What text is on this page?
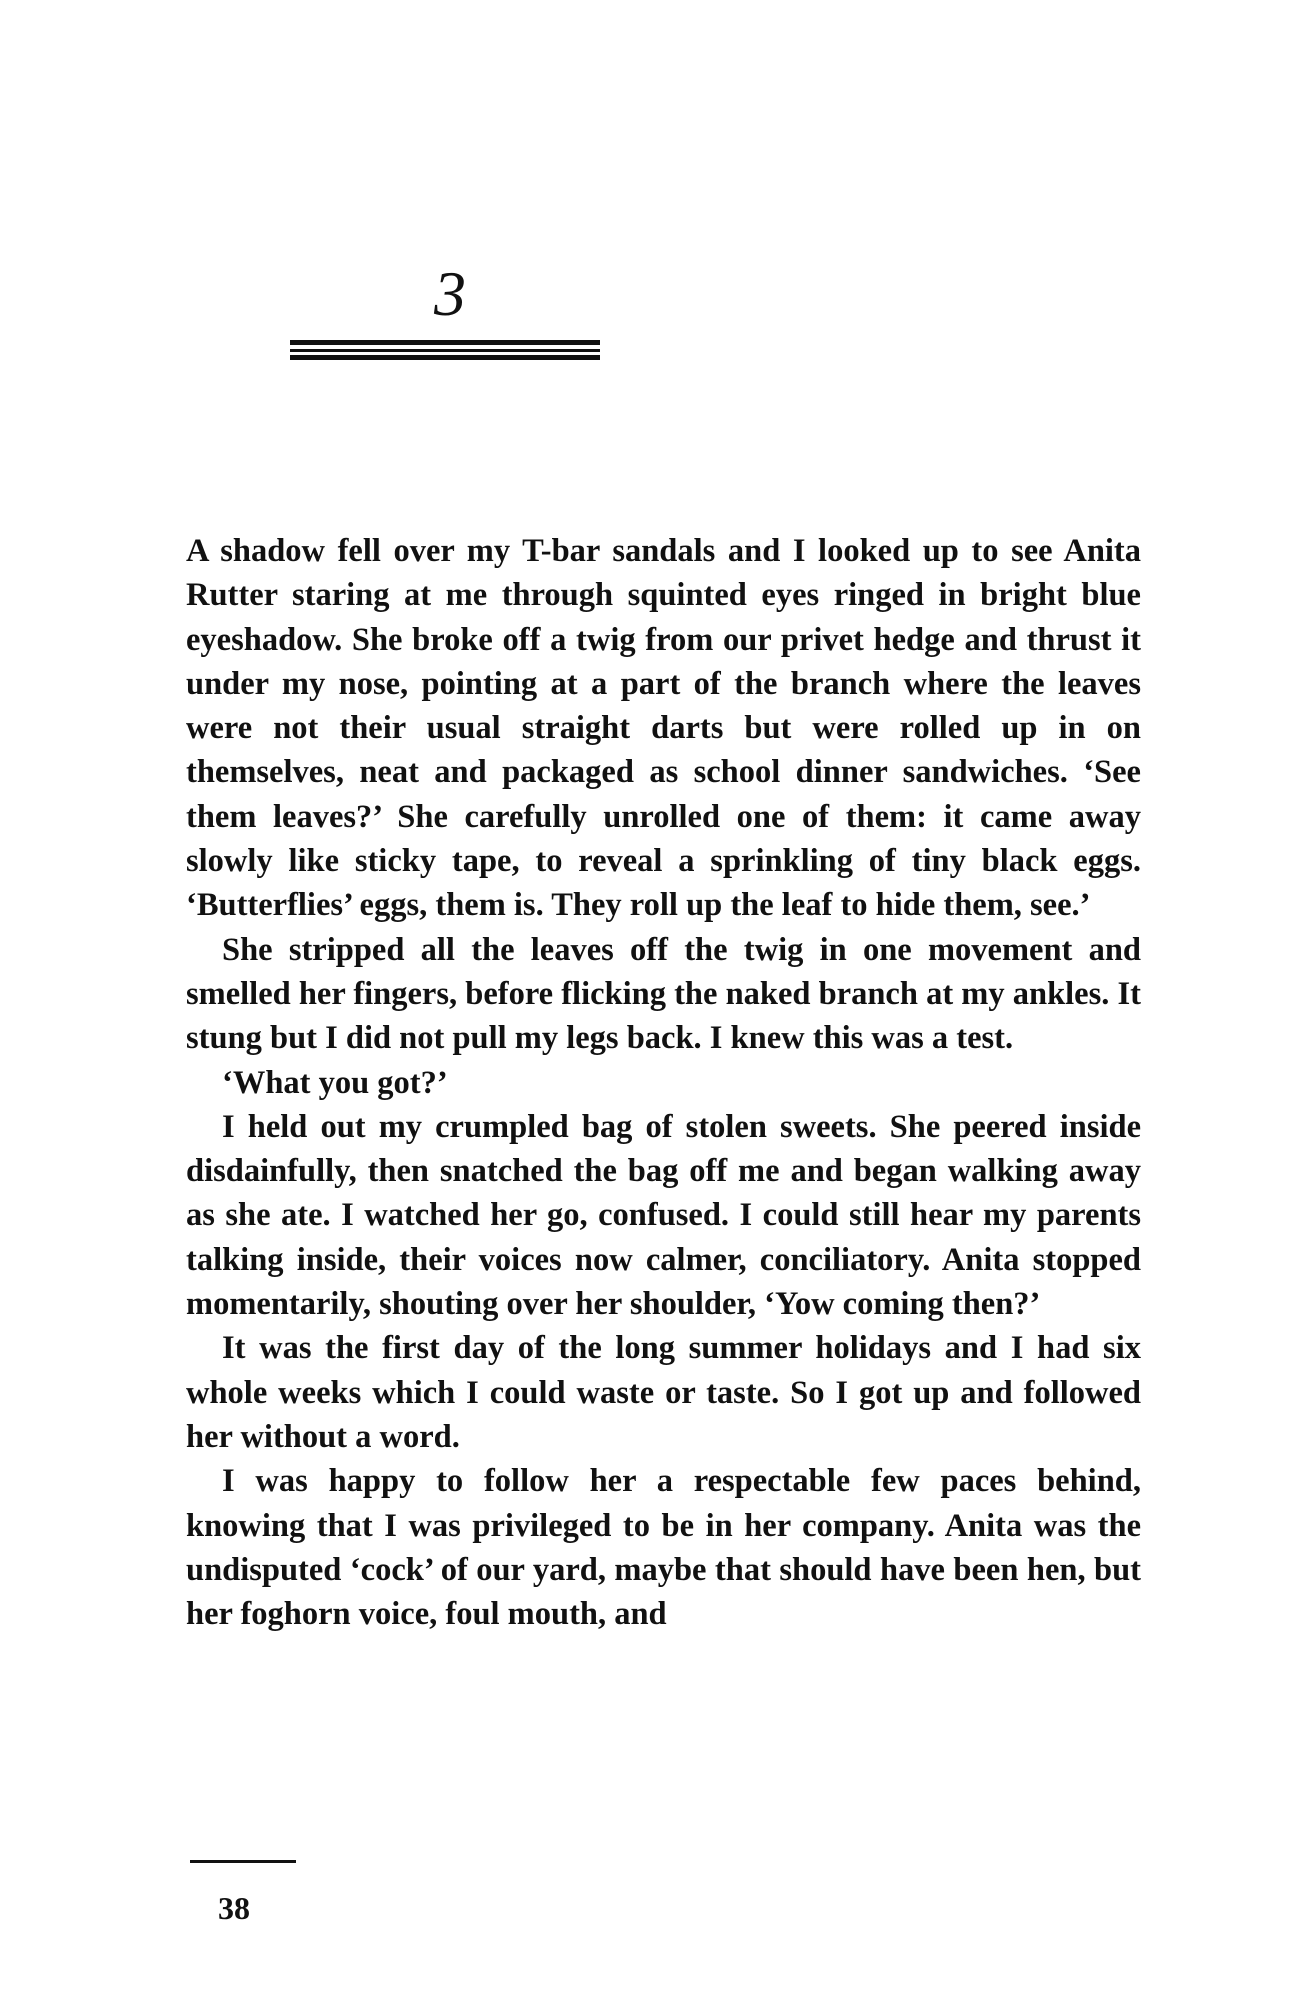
3

A shadow fell over my T-bar sandals and I looked up to see Anita Rutter staring at me through squinted eyes ringed in bright blue eyeshadow. She broke off a twig from our privet hedge and thrust it under my nose, pointing at a part of the branch where the leaves were not their usual straight darts but were rolled up in on themselves, neat and packaged as school dinner sandwiches. ‘See them leaves?’ She carefully unrolled one of them: it came away slowly like sticky tape, to reveal a sprinkling of tiny black eggs. ‘Butterflies’ eggs, them is. They roll up the leaf to hide them, see.’

She stripped all the leaves off the twig in one movement and smelled her fingers, before flicking the naked branch at my ankles. It stung but I did not pull my legs back. I knew this was a test.

‘What you got?’

I held out my crumpled bag of stolen sweets. She peered inside disdainfully, then snatched the bag off me and began walking away as she ate. I watched her go, confused. I could still hear my parents talking inside, their voices now calmer, conciliatory. Anita stopped momentarily, shouting over her shoulder, ‘Yow coming then?’

It was the first day of the long summer holidays and I had six whole weeks which I could waste or taste. So I got up and followed her without a word.

I was happy to follow her a respectable few paces behind, knowing that I was privileged to be in her company. Anita was the undisputed ‘cock’ of our yard, maybe that should have been hen, but her foghorn voice, foul mouth, and

38
